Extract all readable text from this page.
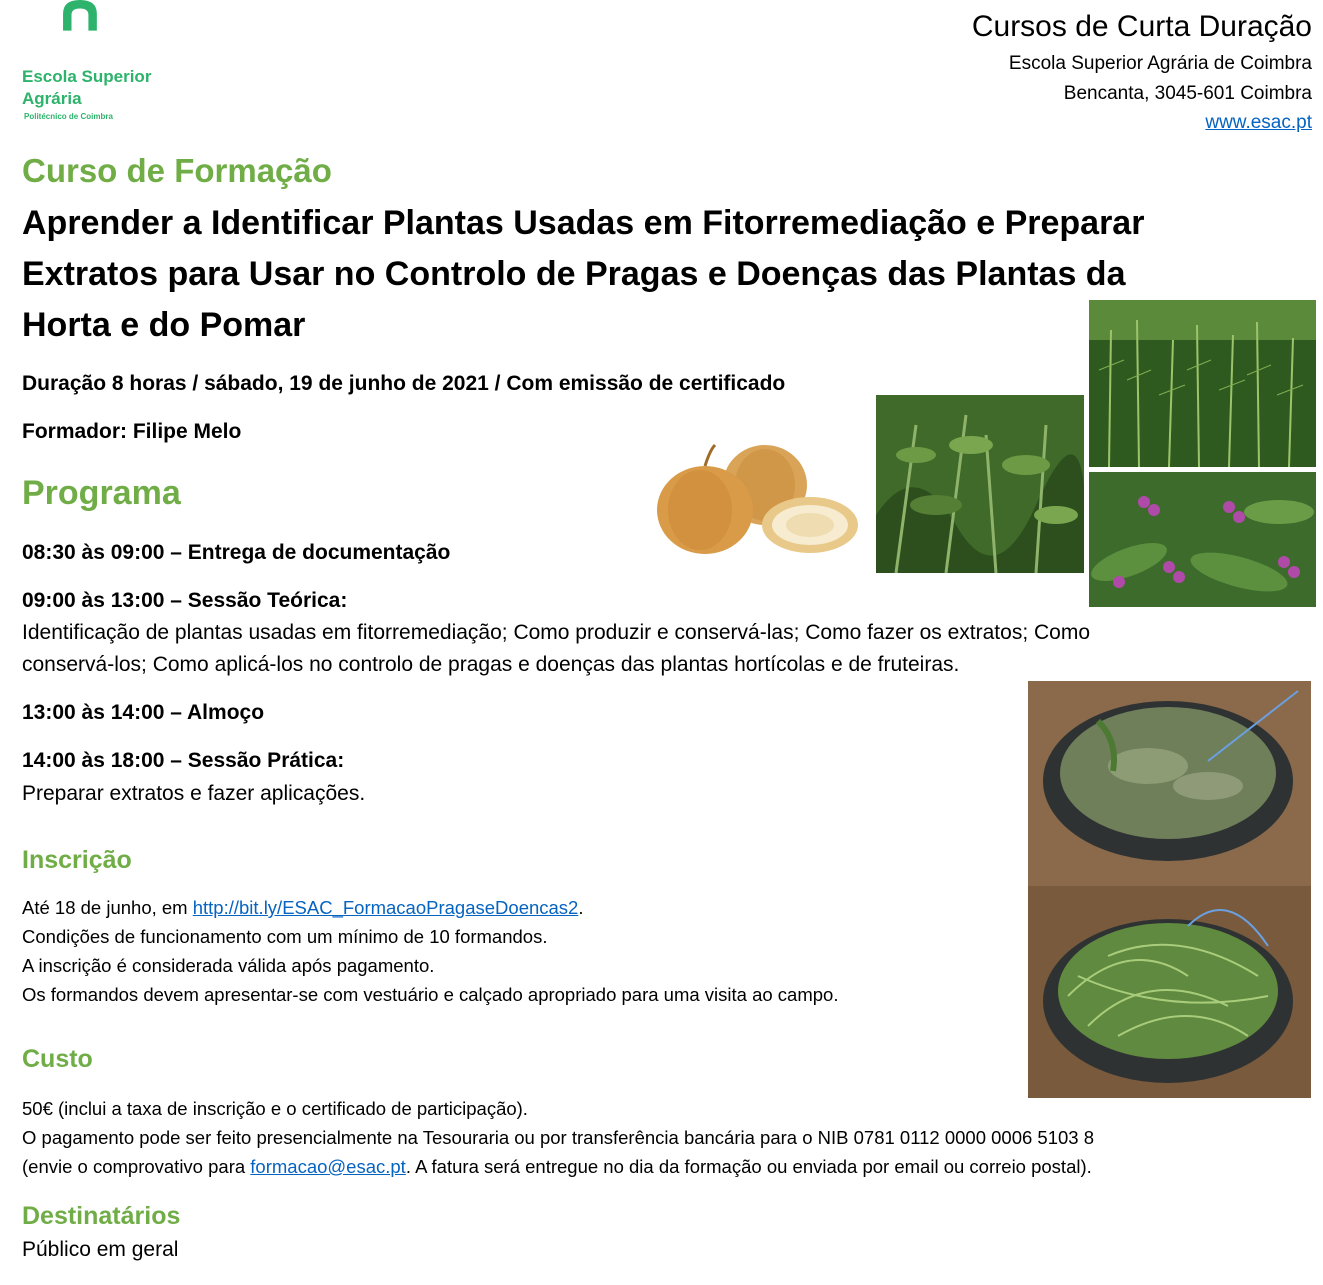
Escola Superior
Agrária
Politécnico de Coimbra
Cursos de Curta Duração
Escola Superior Agrária de Coimbra
Bencanta, 3045-601 Coimbra
www.esac.pt
Curso de Formação
Aprender a Identificar Plantas Usadas em Fitorremediação e Preparar
Extratos para Usar no Controlo de Pragas e Doenças das Plantas da
Horta e do Pomar
Duração 8 horas / sábado, 19 de junho de 2021 / Com emissão de certificado
Formador: Filipe Melo
Programa
08:30 às 09:00 – Entrega de documentação
09:00 às 13:00 – Sessão Teórica:
Identificação de plantas usadas em fitorremediação; Como produzir e conservá-las; Como fazer os extratos; Como
conservá-los; Como aplicá-los no controlo de pragas e doenças das plantas hortícolas e de fruteiras.
13:00 às 14:00 – Almoço
14:00 às 18:00 – Sessão Prática:
Preparar extratos e fazer aplicações.
Inscrição
Até 18 de junho, em http://bit.ly/ESAC_FormacaoPragaseDoencas2.
Condições de funcionamento com um mínimo de 10 formandos.
A inscrição é considerada válida após pagamento.
Os formandos devem apresentar-se com vestuário e calçado apropriado para uma visita ao campo.
Custo
50€ (inclui a taxa de inscrição e o certificado de participação).
O pagamento pode ser feito presencialmente na Tesouraria ou por transferência bancária para o NIB 0781 0112 0000 0006 5103 8
(envie o comprovativo para formacao@esac.pt. A fatura será entregue no dia da formação ou enviada por email ou correio postal).
Destinatários
Público em geral
